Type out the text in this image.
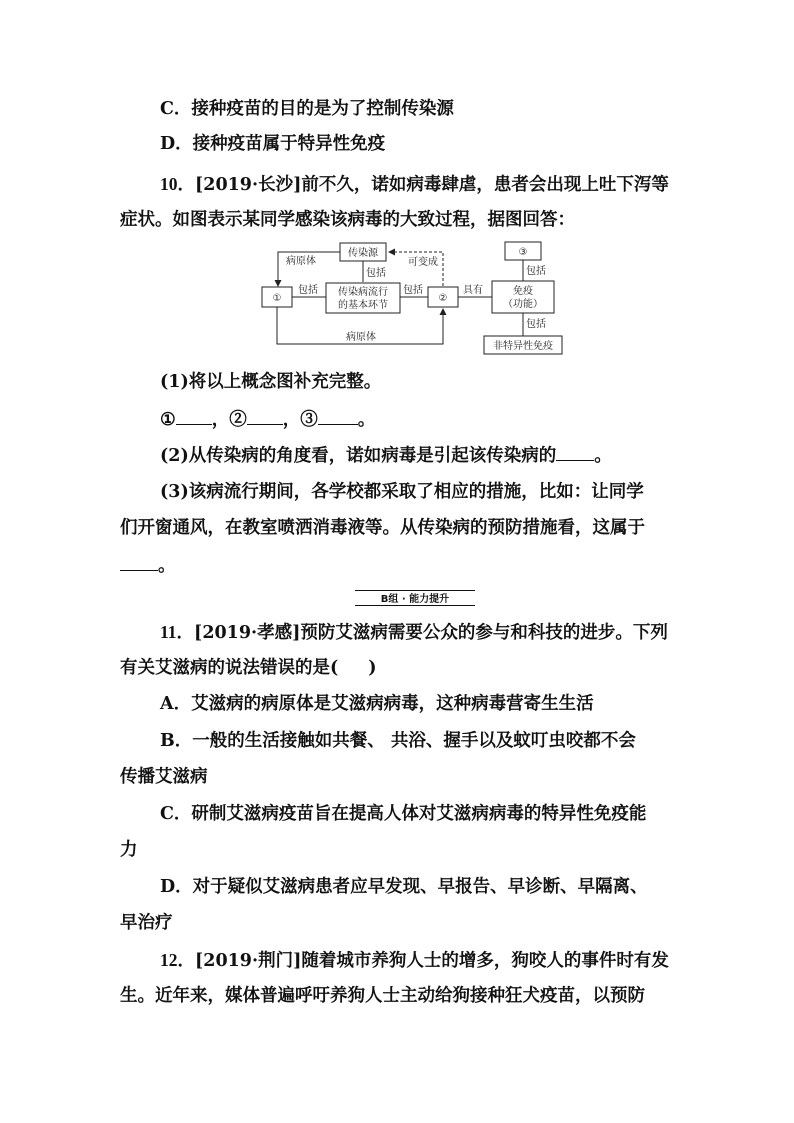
C．接种疫苗的目的是为了控制传染源
D．接种疫苗属于特异性免疫
10．[2019·长沙]前不久，诺如病毒肆虐，患者会出现上吐下泻等
症状。如图表示某同学感染该病毒的大致过程，据图回答：
传染源
病原体
包括
可变成
①
包括 传染病流行
的基本环节
包括
②
具有	免疫
（功能）
③
包括
包括
非特异性免疫
病原体
(1)将以上概念图补充完整。
① ，② ，③ 。
(2)从传染病的角度看，诺如病毒是引起该传染病的 。
(3)该病流行期间，各学校都采取了相应的措施，比如：让同学
们开窗通风，在教室喷洒消毒液等。从传染病的预防措施看，这属于
。
B组 · 能力提升
11．[2019·孝感]预防艾滋病需要公众的参与和科技的进步。下列
有关艾滋病的说法错误的是( )
A．艾滋病的病原体是艾滋病病毒，这种病毒营寄生生活
B．一般的生活接触如共餐、 共浴、握手以及蚊叮虫咬都不会
传播艾滋病
C．研制艾滋病疫苗旨在提高人体对艾滋病病毒的特异性免疫能
力
D．对于疑似艾滋病患者应早发现、早报告、早诊断、早隔离、
早治疗
12．[2019·荆门]随着城市养狗人士的增多，狗咬人的事件时有发
生。近年来，媒体普遍呼吁养狗人士主动给狗接种狂犬疫苗，以预防
